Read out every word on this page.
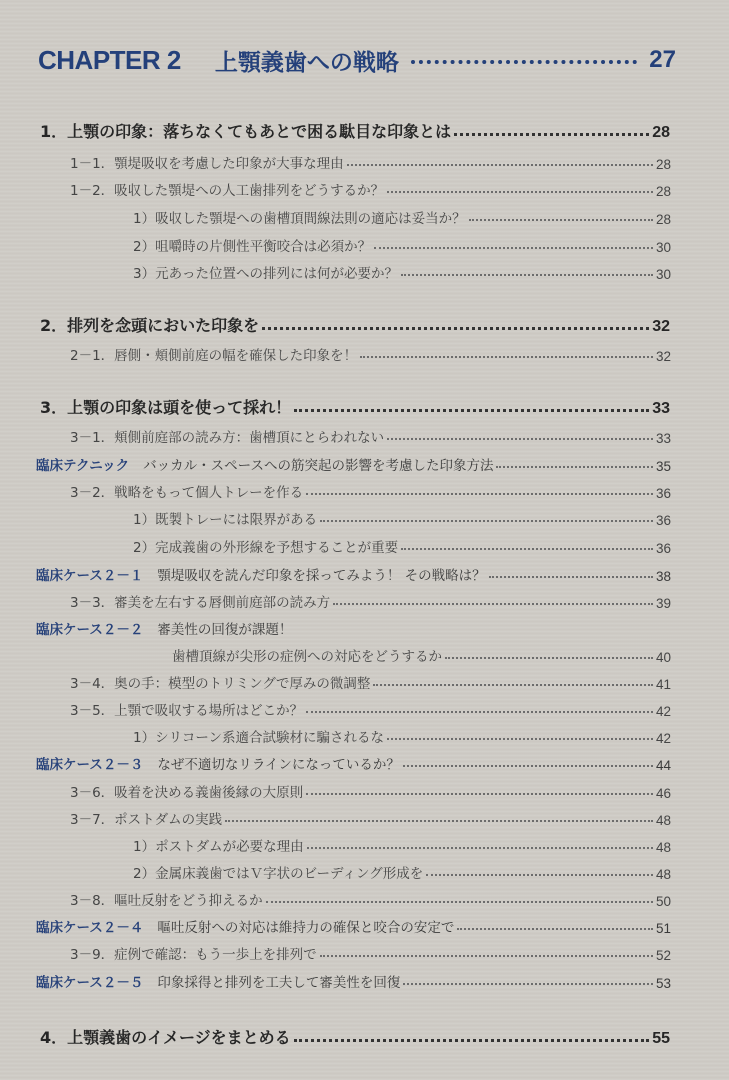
CHAPTER 2 上顎義歯への戦略	27
1．上顎の印象：落ちなくてもあとで困る駄目な印象とは	28
1－1．顎堤吸収を考慮した印象が大事な理由	28
1－2．吸収した顎堤への人工歯排列をどうするか？	28
1）吸収した顎堤への歯槽頂間線法則の適応は妥当か？	28
2）咀嚼時の片側性平衡咬合は必須か？	30
3）元あった位置への排列には何が必要か？	30
2．排列を念頭においた印象を	32
2－1．唇側・頬側前庭の幅を確保した印象を！	32
3．上顎の印象は頭を使って採れ！	33
3－1．頬側前庭部の読み方：歯槽頂にとらわれない	33
臨床テクニック バッカル・スペースへの筋突起の影響を考慮した印象方法	35
3－2．戦略をもって個人トレーを作る	36
1）既製トレーには限界がある	36
2）完成義歯の外形線を予想することが重要	36
臨床ケース２－１ 顎堤吸収を読んだ印象を採ってみよう！ その戦略は？	38
3－3．審美を左右する唇側前庭部の読み方	39
臨床ケース２－２ 審美性の回復が課題！
歯槽頂線が尖形の症例への対応をどうするか	40
3－4．奥の手：模型のトリミングで厚みの微調整	41
3－5．上顎で吸収する場所はどこか？	42
1）シリコーン系適合試験材に騙されるな	42
臨床ケース２－３ なぜ不適切なリラインになっているか？	44
3－6．吸着を決める義歯後縁の大原則	46
3－7．ポストダムの実践	48
1）ポストダムが必要な理由	48
2）金属床義歯ではＶ字状のビーディング形成を	48
3－8．嘔吐反射をどう抑えるか	50
臨床ケース２－４ 嘔吐反射への対応は維持力の確保と咬合の安定で	51
3－9．症例で確認：もう一歩上を排列で	52
臨床ケース２－５ 印象採得と排列を工夫して審美性を回復	53
4．上顎義歯のイメージをまとめる	55
